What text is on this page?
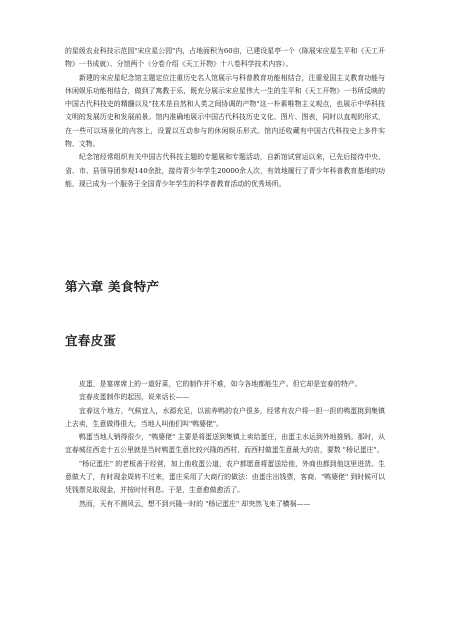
的星级农业科技示范园"宋应星公园"内，占地面积为60亩，已建设星亭一个（陈展宋应星生平和《天工开物》一书成就）、分馆两个（分卷介绍《天工开物》十八卷科学技术内容）。

新建的宋应星纪念馆主题定位注重历史名人馆展示与科普教育功能相结合，注重爱国主义教育功能与休闲娱乐功能相结合，做到了寓教于乐，既充分展示宋应星伟大一生的生平和《天工开物》一书所反映的中国古代科技史的精髓以及"技术是自然和人类之间协调的产物"这一朴素唯物主义观点，也展示中华科技文明的发展历史和发展前景。馆内准确地展示中国古代科技历史文化、图片、图表，同时以直观的形式，在一些可以场景化的内容上，设置以互动参与的休闲娱乐形式。馆内还收藏有中国古代科技史上多件实物、文物。

纪念馆经常组织有关中国古代科技主题的专题展和专题活动，自新馆试营运以来，已先后接待中央、省、市、县领导团参观140余批，接待青少年学生20000余人次，有效地履行了青少年科普教育基地的功能，现已成为一个服务于全国青少年学生的科学普教育活动的优秀场所。

第六章 美食特产
宜春皮蛋

皮蛋，是宴席席上的一道好菜，它的制作并不难，如今各地都能生产。但它却是宜春的特产。

宜春皮蛋制作的起因，说来话长——

宜春这个地方，气候宜人，水源充足，以前养鸭的农户很多，经常有农户将一担一担的鸭蛋挑到集镇上去卖，生意做得很大，当地人叫他们叫"鸭婆佬"。

鸭蛋当地人销得很少，"鸭婆佬" 主要是将蛋送到集镇上卖给蛋庄，由蛋主水运到外地推销。那时，从宜春城往西走十五公里就是当时鸭蛋生意比较兴隆的西村，而西村做蛋生意最大的店，要数 "杨记蛋庄"。

"杨记蛋庄" 的老板善于经营，加上他收蛋公道，农户都愿意将蛋送给他，外商也都到他这里进货。生意做大了，有时现金周转不过来，蛋庄采用了大商行的做法：由蛋庄出钱票，客商、"鸭婆佬" 到时候可以凭钱票兑取现金，并按时付利息。于是，生意愈做愈活了。

然而，天有不测风云，想不到兴隆一时的 "杨记蛋庄" 却突然飞来了横祸——
